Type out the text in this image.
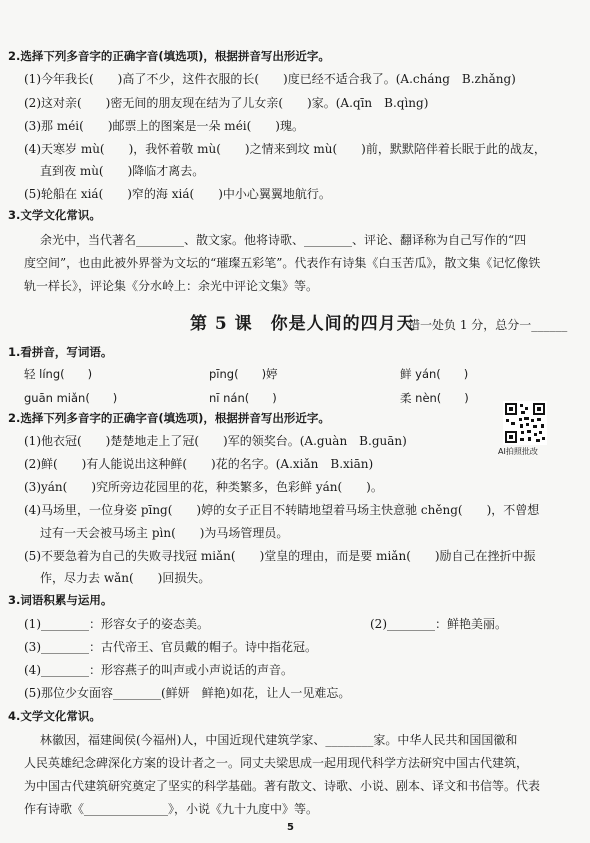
2.选择下列多音字的正确字音(填选项)，根据拼音写出形近字。
(1)今年我长(　　)高了不少，这件衣服的长(　　)度已经不适合我了。(A.cháng　B.zhǎng)
(2)这对亲(　　)密无间的朋友现在结为了儿女亲(　　)家。(A.qīn　B.qìng)
(3)那 méi(　　)邮票上的图案是一朵 méi(　　)瑰。
(4)天寒岁 mù(　　)，我怀着敬 mù(　　)之情来到坟 mù(　　)前，默默陪伴着长眠于此的战友，
直到夜 mù(　　)降临才离去。
(5)轮船在 xiá(　　)窄的海 xiá(　　)中小心翼翼地航行。
3.文学文化常识。
余光中，当代著名________、散文家。他将诗歌、________、评论、翻译称为自己写作的“四
度空间”，也由此被外界誉为文坛的“璀璨五彩笔”。代表作有诗集《白玉苦瓜》，散文集《记忆像铁
轨一样长》，评论集《分水岭上：余光中评论文集》等。
第 5 课　你是人间的四月天
错一处负 1 分，总分一______
1.看拼音，写词语。
轻 líng(　　)	pīng(　　)婷	鲜 yán(　　)
guān miǎn(　　)	nī nán(　　)	柔 nèn(　　)
AI拍照批改
2.选择下列多音字的正确字音(填选项)，根据拼音写出形近字。
(1)他衣冠(　　)楚楚地走上了冠(　　)军的领奖台。(A.guàn　B.guān)
(2)鲜(　　)有人能说出这种鲜(　　)花的名字。(A.xiǎn　B.xiān)
(3)yán(　　)究所旁边花园里的花，种类繁多，色彩鲜 yán(　　)。
(4)马场里，一位身姿 pīng(　　)婷的女子正目不转睛地望着马场主快意驰 chěng(　　)，不曾想
过有一天会被马场主 pìn(　　)为马场管理员。
(5)不要急着为自己的失败寻找冠 miǎn(　　)堂皇的理由，而是要 miǎn(　　)励自己在挫折中振
作，尽力去 wǎn(　　)回损失。
3.词语积累与运用。
(1)________：形容女子的姿态美。	(2)________：鲜艳美丽。
(3)________：古代帝王、官员戴的帽子。诗中指花冠。
(4)________：形容燕子的叫声或小声说话的声音。
(5)那位少女面容________(鲜妍　鲜艳)如花，让人一见难忘。
4.文学文化常识。
林徽因，福建闽侯(今福州)人，中国近现代建筑学家、________家。中华人民共和国国徽和
人民英雄纪念碑深化方案的设计者之一。同丈夫梁思成一起用现代科学方法研究中国古代建筑，
为中国古代建筑研究奠定了坚实的科学基础。著有散文、诗歌、小说、剧本、译文和书信等。代表
作有诗歌《______________》，小说《九十九度中》等。
5
